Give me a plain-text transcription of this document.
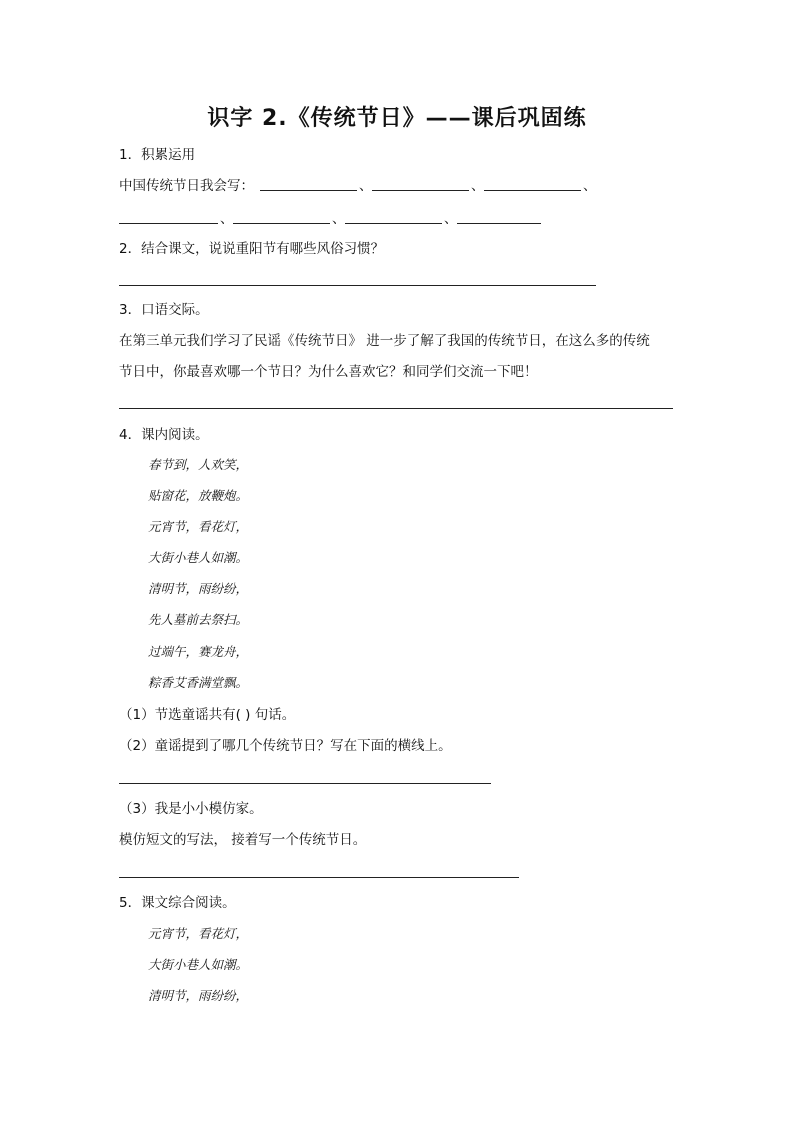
识字 2.《传统节日》——课后巩固练
1．积累运用
中国传统节日我会写：	、	、	、
、	、	、
2．结合课文，说说重阳节有哪些风俗习惯？
3．口语交际。
在第三单元我们学习了民谣《传统节日》 进一步了解了我国的传统节日，在这么多的传统
节日中，你最喜欢哪一个节日？为什么喜欢它？和同学们交流一下吧！
4．课内阅读。
春节到，人欢笑，
贴窗花，放鞭炮。
元宵节，看花灯，
大街小巷人如潮。
清明节，雨纷纷，
先人墓前去祭扫。
过端午，赛龙舟，
粽香艾香满堂飘。
（1）节选童谣共有( ) 句话。
（2）童谣提到了哪几个传统节日？写在下面的横线上。
（3）我是小小模仿家。
模仿短文的写法， 接着写一个传统节日。
5．课文综合阅读。
元宵节，看花灯，
大街小巷人如潮。
清明节，雨纷纷，
